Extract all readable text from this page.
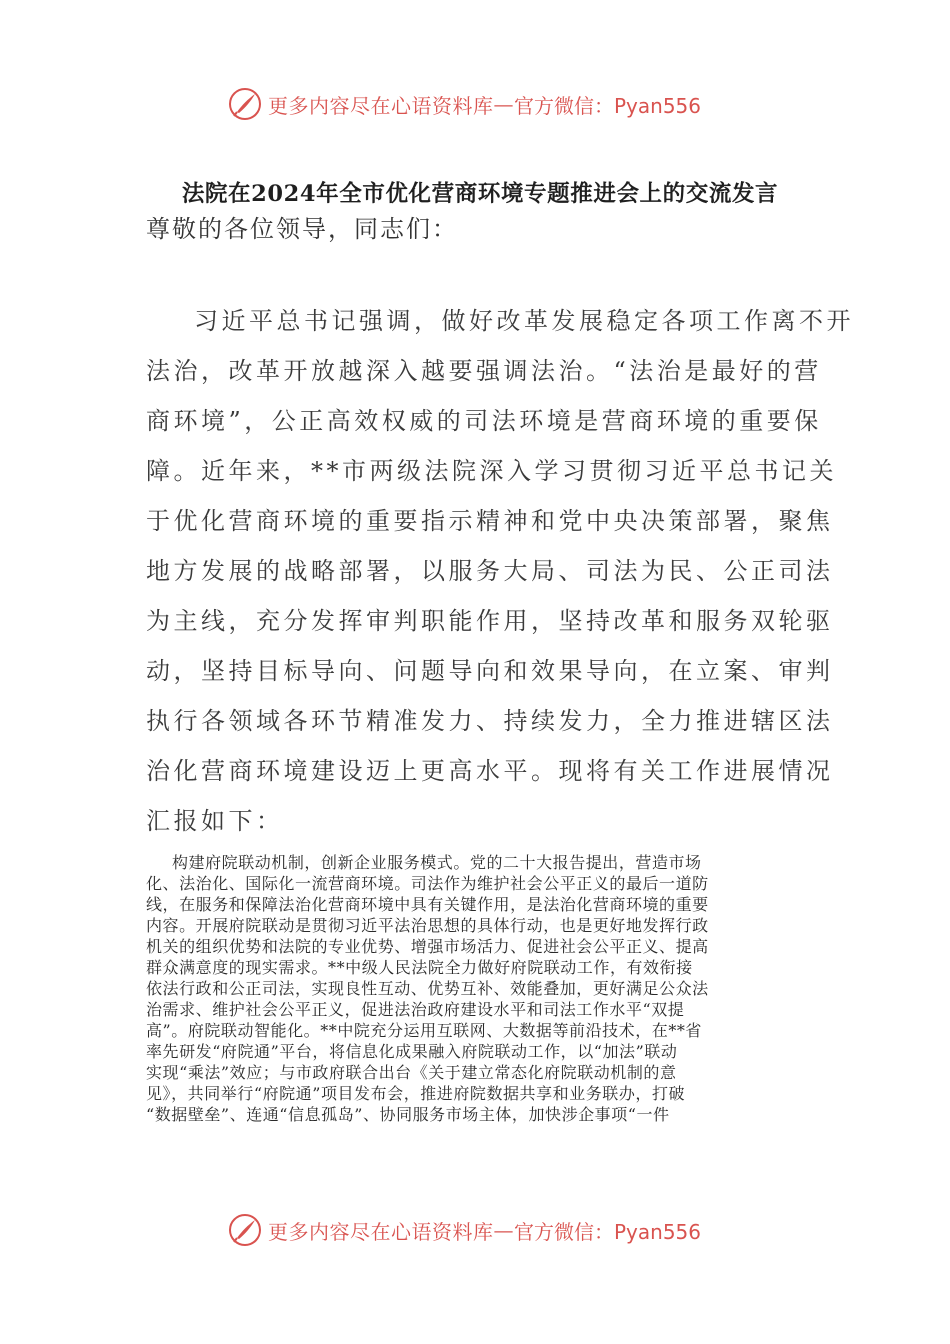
更多内容尽在心语资料库 — 官方微信：Pyan556
法院在2024年全市优化营商环境专题推进会上的交流发言
尊敬的各位领导，同志们：
习近平总书记强调，做好改革发展稳定各项工作离不开
法治，改革开放越深入越要强调法治。“法治是最好的营
商环境”，公正高效权威的司法环境是营商环境的重要保
障。近年来，**市两级法院深入学习贯彻习近平总书记关
于优化营商环境的重要指示精神和党中央决策部署，聚焦
地方发展的战略部署，以服务大局、司法为民、公正司法
为主线，充分发挥审判职能作用，坚持改革和服务双轮驱
动，坚持目标导向、问题导向和效果导向，在立案、审判
执行各领域各环节精准发力、持续发力，全力推进辖区法
治化营商环境建设迈上更高水平。现将有关工作进展情况
汇报如下：
构建府院联动机制，创新企业服务模式。党的二十大报告提出，营造市场
化、法治化、国际化一流营商环境。司法作为维护社会公平正义的最后一道防
线，在服务和保障法治化营商环境中具有关键作用，是法治化营商环境的重要
内容。开展府院联动是贯彻习近平法治思想的具体行动，也是更好地发挥行政
机关的组织优势和法院的专业优势、增强市场活力、促进社会公平正义、提高
群众满意度的现实需求。**中级人民法院全力做好府院联动工作，有效衔接
依法行政和公正司法，实现良性互动、优势互补、效能叠加，更好满足公众法
治需求、维护社会公平正义，促进法治政府建设水平和司法工作水平“双提
高”。府院联动智能化。**中院充分运用互联网、大数据等前沿技术，在**省
率先研发“府院通”平台，将信息化成果融入府院联动工作，以“加法”联动
实现“乘法”效应；与市政府联合出台《关于建立常态化府院联动机制的意
见》，共同举行“府院通”项目发布会，推进府院数据共享和业务联办，打破
“数据壁垒”、连通“信息孤岛”、协同服务市场主体，加快涉企事项“一件
更多内容尽在心语资料库 — 官方微信：Pyan556
